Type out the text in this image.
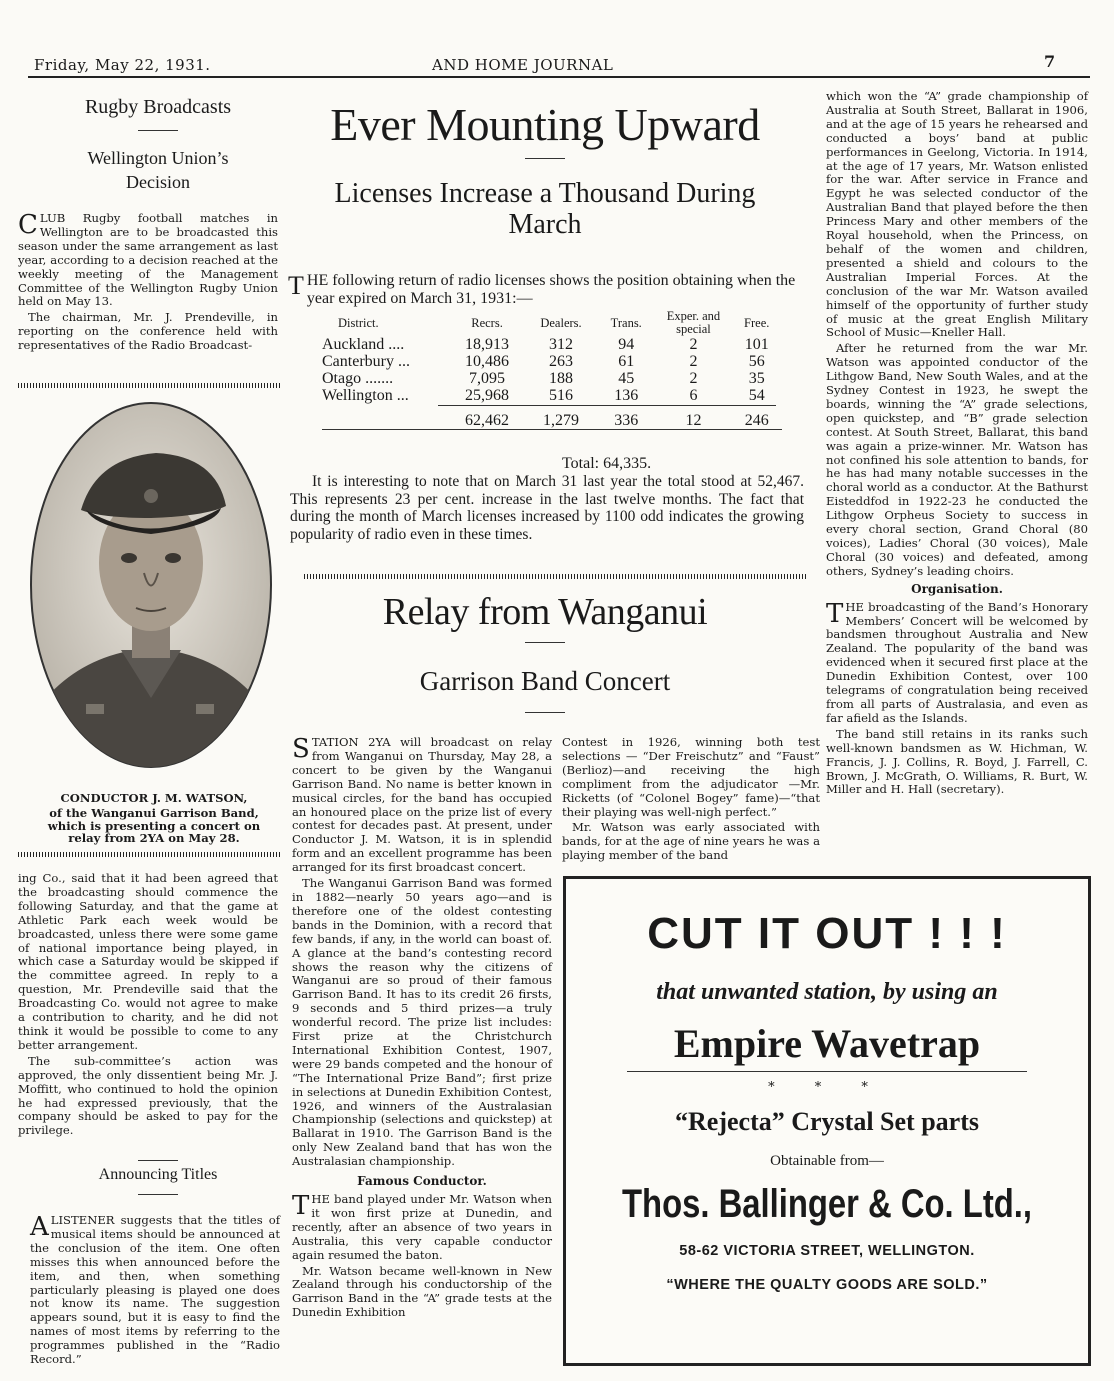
Friday, May 22, 1931.	AND HOME JOURNAL	7
Rugby Broadcasts
Wellington Union’s Decision

CLUB Rugby football matches in Wellington are to be broadcasted this season under the same arrangement as last year, according to a decision reached at the weekly meeting of the Management Committee of the Wellington Rugby Union held on May 13.

The chairman, Mr. J. Prendeville, in reporting on the conference held with representatives of the Radio Broadcast-

CONDUCTOR J. M. WATSON,
of the Wanganui Garrison Band, which is presenting a concert on relay from 2YA on May 28.

ing Co., said that it had been agreed that the broadcasting should commence the following Saturday, and that the game at Athletic Park each week would be broadcasted, unless there were some game of national importance being played, in which case a Saturday would be skipped if the committee agreed. In reply to a question, Mr. Prendeville said that the Broadcasting Co. would not agree to make a contribution to charity, and he did not think it would be possible to come to any better arrangement.

The sub-committee’s action was approved, the only dissentient being Mr. J. Moffitt, who continued to hold the opinion he had expressed previously, that the company should be asked to pay for the privilege.

Announcing Titles

ALISTENER suggests that the titles of musical items should be announced at the conclusion of the item. One often misses this when announced before the item, and then, when something particularly pleasing is played one does not know its name. The suggestion appears sound, but it is easy to find the names of most items by referring to the programmes published in the “Radio Record.”

Ever Mounting Upward
Licenses Increase a Thousand During March
THE following return of radio licenses shows the position obtaining when the year expired on March 31, 1931:—
District.	Recrs.	Dealers.	Trans.	Exper. and special	Free.
Auckland ....	18,913	312	94	2	101
Canterbury ...	10,486	263	61	2	56
Otago .......	7,095	188	45	2	35
Wellington ...	25,968	516	136	6	54

	62,462	1,279	336	12	246

Total: 64,335.
It is interesting to note that on March 31 last year the total stood at 52,467. This represents 23 per cent. increase in the last twelve months. The fact that during the month of March licenses increased by 1100 odd indicates the growing popularity of radio even in these times.
Relay from Wanganui
Garrison Band Concert

STATION 2YA will broadcast on relay from Wanganui on Thursday, May 28, a concert to be given by the Wanganui Garrison Band. No name is better known in musical circles, for the band has occupied an honoured place on the prize list of every contest for decades past. At present, under Conductor J. M. Watson, it is in splendid form and an excellent programme has been arranged for its first broadcast concert.

The Wanganui Garrison Band was formed in 1882—nearly 50 years ago—and is therefore one of the oldest contesting bands in the Dominion, with a record that few bands, if any, in the world can boast of. A glance at the band’s contesting record shows the reason why the citizens of Wanganui are so proud of their famous Garrison Band. It has to its credit 26 firsts, 9 seconds and 5 third prizes—a truly wonderful record. The prize list includes: First prize at the Christchurch International Exhibition Contest, 1907, were 29 bands competed and the honour of “The International Prize Band”; first prize in selections at Dunedin Exhibition Contest, 1926, and winners of the Australasian Championship (selections and quickstep) at Ballarat in 1910. The Garrison Band is the only New Zealand band that has won the Australasian championship.

Famous Conductor.

THE band played under Mr. Watson when it won first prize at Dunedin, and recently, after an absence of two years in Australia, this very capable conductor again resumed the baton.

Mr. Watson became well-known in New Zealand through his conductorship of the Garrison Band in the “A” grade tests at the Dunedin Exhibition

Contest in 1926, winning both test selections — “Der Freischutz” and “Faust” (Berlioz)—and receiving the high compliment from the adjudicator —Mr. Ricketts (of “Colonel Bogey” fame)—“that their playing was well-nigh perfect.”

Mr. Watson was early associated with bands, for at the age of nine years he was a playing member of the band

which won the “A” grade championship of Australia at South Street, Ballarat in 1906, and at the age of 15 years he rehearsed and conducted a boys’ band at public performances in Geelong, Victoria. In 1914, at the age of 17 years, Mr. Watson enlisted for the war. After service in France and Egypt he was selected conductor of the Australian Band that played before the then Princess Mary and other members of the Royal household, when the Princess, on behalf of the women and children, presented a shield and colours to the Australian Imperial Forces. At the conclusion of the war Mr. Watson availed himself of the opportunity of further study of music at the great English Military School of Music—Kneller Hall.

After he returned from the war Mr. Watson was appointed conductor of the Lithgow Band, New South Wales, and at the Sydney Contest in 1923, he swept the boards, winning the “A” grade selections, open quickstep, and “B” grade selection contest. At South Street, Ballarat, this band was again a prize-winner. Mr. Watson has not confined his sole attention to bands, for he has had many notable successes in the choral world as a conductor. At the Bathurst Eisteddfod in 1922-23 he conducted the Lithgow Orpheus Society to success in every choral section, Grand Choral (80 voices), Ladies’ Choral (30 voices), Male Choral (30 voices) and defeated, among others, Sydney’s leading choirs.

Organisation.

THE broadcasting of the Band’s Honorary Members’ Concert will be welcomed by bandsmen throughout Australia and New Zealand. The popularity of the band was evidenced when it secured first place at the Dunedin Exhibition Contest, over 100 telegrams of congratulation being received from all parts of Australasia, and even as far afield as the Islands.

The band still retains in its ranks such well-known bandsmen as W. Hichman, W. Francis, J. J. Collins, R. Boyd, J. Farrell, C. Brown, J. McGrath, O. Williams, R. Burt, W. Miller and H. Hall (secretary).

CUT IT OUT ! ! !
that unwanted station, by using an
Empire Wavetrap
* * *
“Rejecta” Crystal Set parts
Obtainable from—
Thos. Ballinger & Co. Ltd.,
58-62 VICTORIA STREET, WELLINGTON.
“WHERE THE QUALTY GOODS ARE SOLD.”
